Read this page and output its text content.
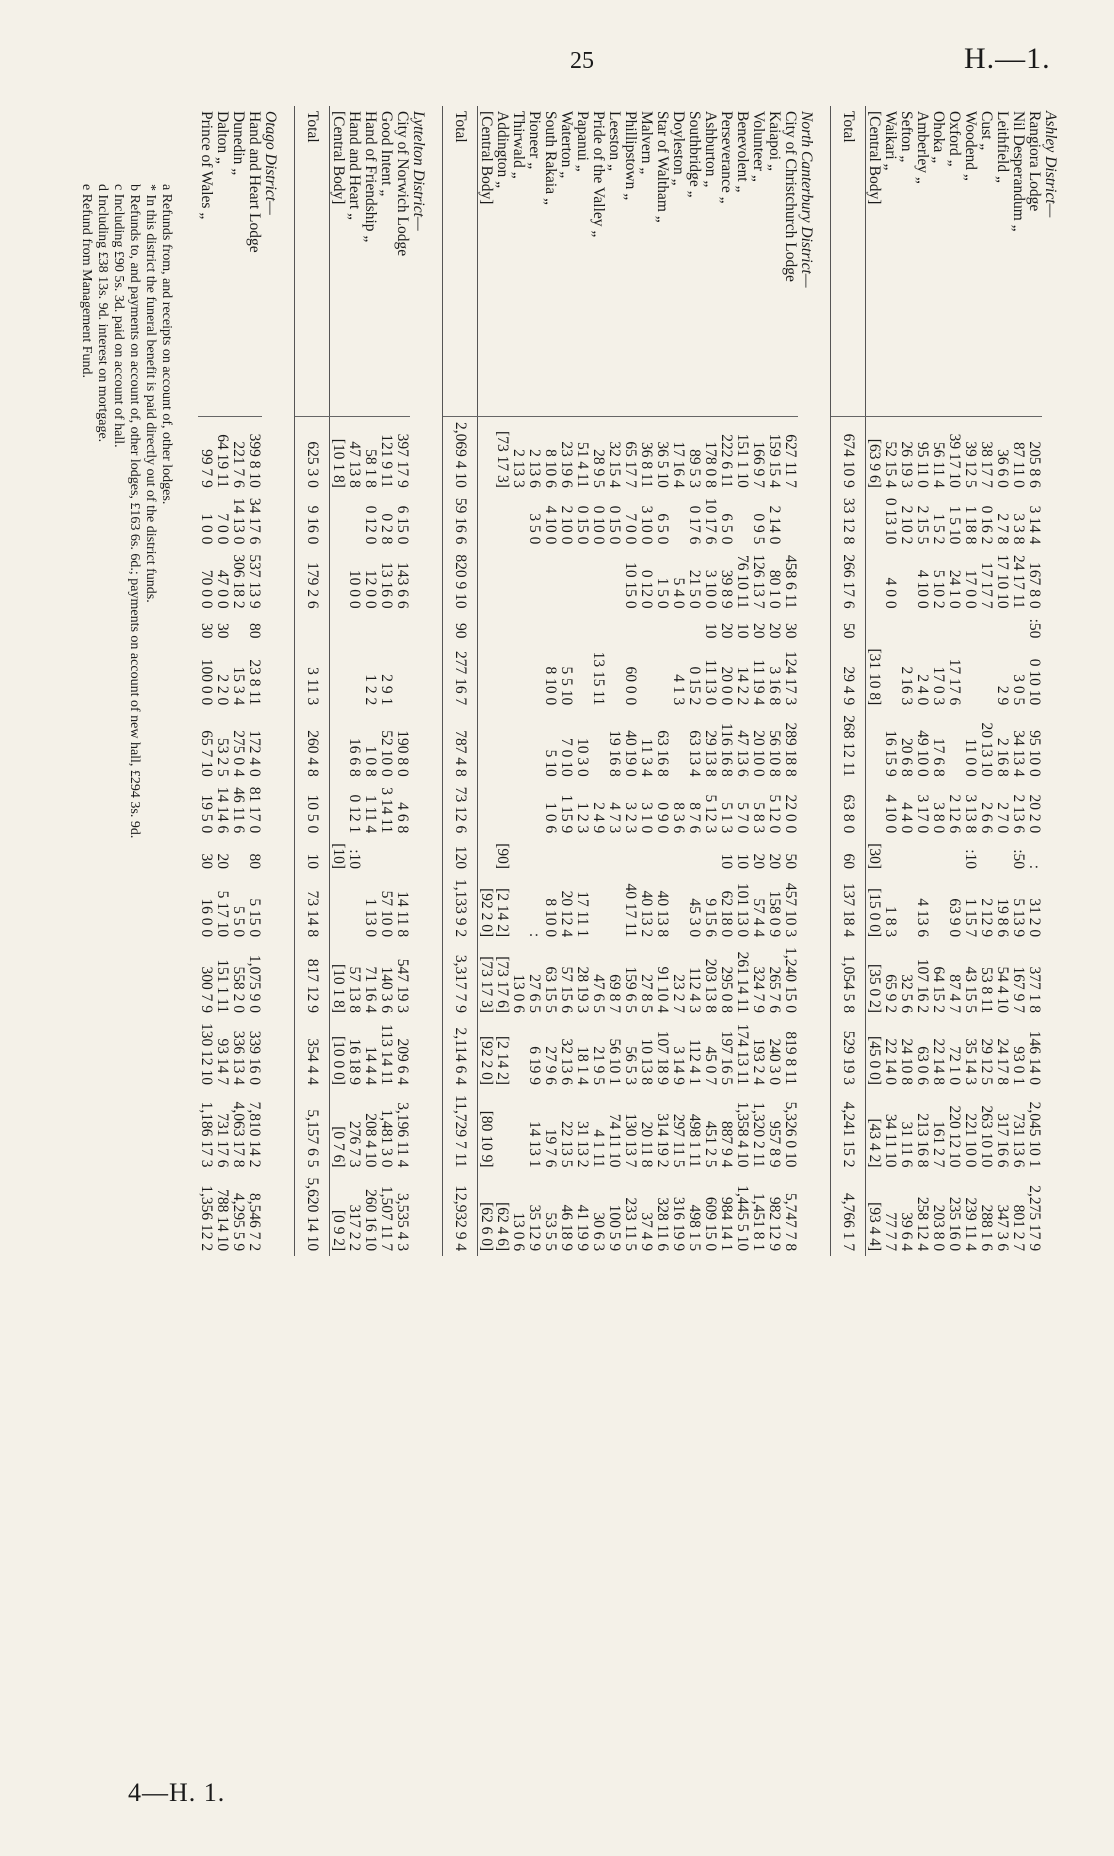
25	H.—1.
4—H. 1.
Ashley District—													
Rangiora Lodge	205 8 6	3 14 4	167 8 0	:50	0 10 10	95 10 0	20 2 0	:	31 2 0	377 1 8	146 14 0	2,045 10 1	2,275 17 9
Nil Desperandum „	87 11 0	3 3 8	24 17 11		3 0 5	34 13 4	2 13 6	:50	5 13 9	167 9 7	93 0 1	731 13 6	801 2 7
Leithfield „	36 6 0	2 7 8	17 10 10		2 9	2 16 8	2 7 0		19 8 6	54 4 10	24 17 8	317 16 6	347 3 6
Cust „	38 17 7	0 16 2	17 17 7			20 13 10	2 6 6		2 12 9	53 8 11	29 12 5	263 10 10	288 1 6
Woodend „	39 12 5	1 18 8	17 0 0			11 0 0	3 13 8	:10	1 15 7	43 15 5	35 14 3	221 10 0	239 11 4
Oxford „	39 17 10	1 5 10	24 1 0		17 17 6		2 12 6		63 9 0	87 4 7	72 1 0	220 12 10	235 16 0
Ohoka „	56 11 4	1 5 2	5 10 2		17 0 3	17 6 8	3 8 0			64 15 2	22 14 8	161 2 7	203 8 0
Amberley „	95 11 0	2 15 5	4 10 0		2 4 0	49 10 0	3 17 0		4 13 6	107 16 2	63 0 6	213 16 8	258 12 4
Sefton „	26 19 3	2 10 2			2 16 3	20 6 8	4 4 0			32 5 6	24 10 8	31 11 6	39 6 4
Waikari „	52 15 4	0 13 10	4 0 0			16 15 9	4 10 0		1 8 3	65 9 2	22 14 0	34 11 10	77 7 7
[Central Body]	[63 9 6]				[31 10 8]			[30]	[15 0 0]	[35 0 2]	[45 0 0]	[43 4 2]	[93 4 4]
Total	674 10 9	33 12 8	266 17 6	50	29 4 9	268 12 11	63 8 0	60	137 18 4	1,054 5 8	529 19 3	4,241 15 2	4,766 1 7

North Canterbury District—													
City of Christchurch Lodge	627 11 7		458 6 11	30	124 17 3	289 18 8	22 0 0	50	457 10 3	1,240 15 0	819 8 11	5,326 0 10	5,747 7 8
Kaiapoi „	159 15 4	2 14 0	80 1 0	20	3 16 8	56 10 8	5 12 0	20	158 0 9	265 7 6	240 3 0	957 8 9	982 12 9
Volunteer „	166 9 7	0 9 5	126 13 7	20	11 19 4	20 10 0	5 8 3	20	57 4 4	324 7 9	193 2 4	1,320 2 11	1,451 8 1
Benevolent „	151 1 10		76 10 11	10	14 2 2	47 13 6	5 7 0	10	101 13 0	261 14 11	174 13 11	1,358 4 10	1,445 5 10
Perseverance „	222 6 11	6 5 0	39 8 9	20	20 0 0	116 16 8	5 1 3	10	62 18 0	295 0 8	197 16 5	887 9 4	984 14 1
Ashburton „	178 0 8	10 17 6	3 10 0	10	11 13 0	29 13 8	5 12 3		9 15 6	203 13 8	45 0 7	451 2 5	609 15 0
Southbridge „	89 5 3	0 17 6	21 5 0		0 15 2	63 13 4	8 7 6		45 3 0	112 4 3	112 4 1	498 1 11	498 1 5
Doyleston „	17 16 4		5 4 0		4 1 3		8 3 6			23 2 7	3 14 9	297 11 5	316 19 9
Star of Waltham „	36 5 10	6 5 0	1 5 0			63 16 8	0 9 0		40 13 8	91 10 4	107 18 9	314 19 2	328 11 6
Malvern „	36 8 11	3 10 0	0 12 0			11 3 4	3 1 0		40 13 2	27 8 5	10 13 8	20 11 8	37 4 9
Phillipstown „	65 17 7	7 0 0	10 15 0		60 0 0	40 19 0	3 2 3		40 17 11	159 6 5	56 5 3	130 13 7	233 11 5
Leeston „	32 15 4	0 15 0				19 16 8	4 7 3			69 8 7	56 10 1	74 11 10	100 5 9
Pride of the Valley „	28 9 5	0 10 0			13 15 11		2 4 9			47 6 5	21 9 5	4 1 11	30 6 3
Papanui „	51 4 11	0 15 0				10 3 0	1 2 3		17 11 1	28 19 3	18 1 4	31 13 2	41 19 9
Waterton „	23 19 6	2 10 0			5 5 10	7 0 10	1 15 9		20 12 4	57 15 6	32 13 6	22 13 5	46 18 9
South Rakaia „	8 10 6	4 10 0			8 10 0	5 10	1 0 6		8 10 0	63 15 5	27 9 6	19 7 6	53 5 5
Pioneer „	2 13 6	3 5 0							:	27 6 5	6 19 9	14 13 1	35 12 9
Thirwald „	2 13 3									13 0 6			13 0 6
Addington „	[73 17 3]							[90]	[2 14 2]	[73 17 6]	[2 14 2]		[62 4 6]
[Central Body]									[92 2 0]	[73 17 3]	[92 2 0]	[80 10 9]	[62 6 0]
Total	2,069 4 10	59 16 6	820 9 10	90	277 16 7	787 4 8	73 12 6	120	1,133 9 2	3,317 7 9	2,114 6 4	11,729 7 11	12,932 9 4

Lyttelton District—													
City of Norwich Lodge	397 17 9	6 15 0	143 6 6			190 8 0	4 6 8		14 11 8	547 19 3	209 6 4	3,196 11 4	3,535 4 3
Good Intent „	121 9 11	0 2 8	13 16 0		2 9 1	52 10 0	3 14 11		57 10 0	140 3 6	113 14 11	1,481 3 0	1,507 11 7
Hand of Friendship „	58 1 8	0 12 0	12 0 0		1 2 2	1 0 8	1 11 4		1 13 0	71 16 4	14 4 4	208 4 10	260 16 10
Hand and Heart „	47 13 8		10 0 0			16 6 8	0 12 1	:10		57 13 8	16 18 9	276 7 3	317 2 2
[Central Body]	[10 1 8]							[10]		[10 1 8]	[10 0 0]	[0 7 6]	[0 9 2]
Total	625 3 0	9 16 0	179 2 6		3 11 3	260 4 8	10 5 0	10	73 14 8	817 12 9	354 4 4	5,157 6 5	5,620 14 10

Otago District—													
Hand and Heart Lodge	399 8 10	34 17 6	537 13 9	80	23 8 11	172 4 0	81 17 0	80	5 15 0	1,075 9 0	339 16 0	7,810 14 2	8,546 7 2
Dunedin „	221 7 6	14 13 0	306 18 2		15 3 4	275 0 4	46 11 6		5 5 0	558 2 0	336 13 4	4,063 17 8	4,295 5 9
Dalton „	64 19 11	7 0 0	47 0 0	30	2 2 0	53 2 5	14 14 6	20	5 17 10	151 1 11	93 14 7	731 17 6	788 14 10
Prince of Wales „	99 7 9	1 0 0	70 0 0	30	100 0 0	65 7 10	19 5 0	30	16 0 0	300 7 9	130 12 10	1,186 17 3	1,356 12 2

a Refunds from, and receipts on account of, other lodges.
* In this district the funeral benefit is paid directly out of the district funds.
b Refunds to, and payments on account of, other lodges, £163 6s. 6d.; payments on account of new hall, £294 3s. 9d.
c Including £90 5s. 3d. paid on account of hall.
d Including £38 13s. 9d. interest on mortgage.
e Refund from Management Fund.
